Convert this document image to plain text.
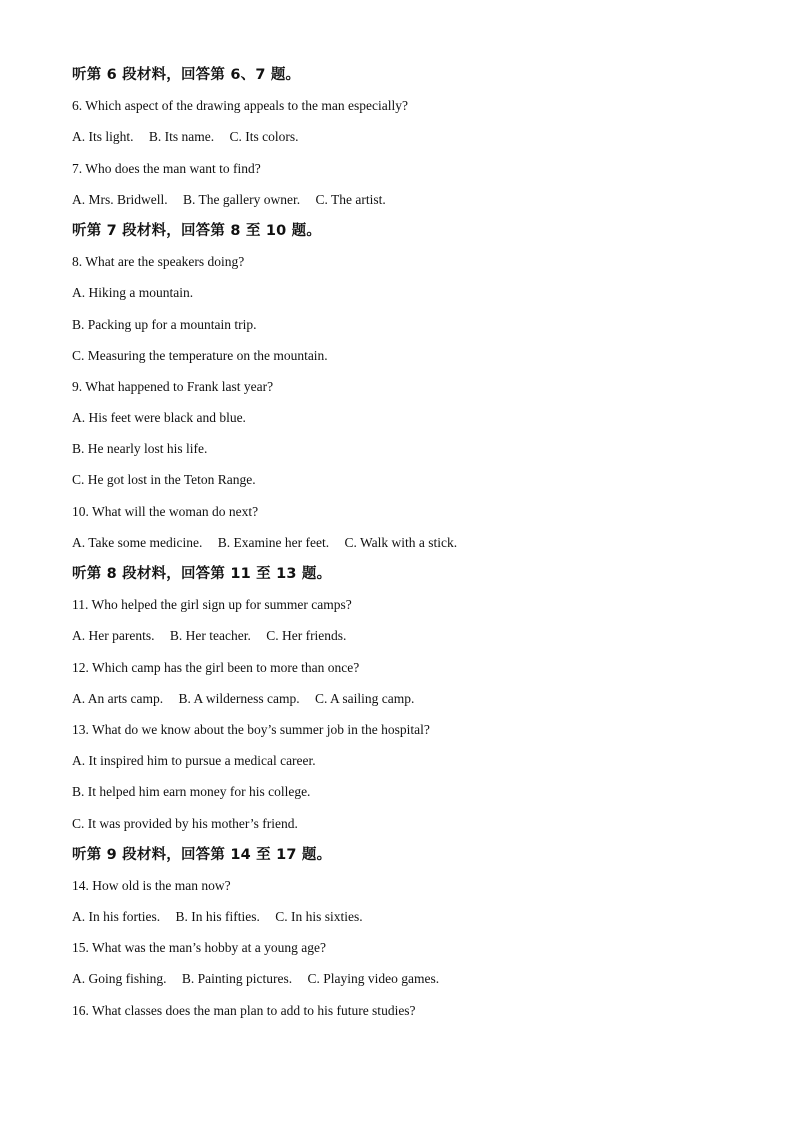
听第 6 段材料，回答第 6、7 题。
6. Which aspect of the drawing appeals to the man especially?
A. Its light. B. Its name. C. Its colors.
7. Who does the man want to find?
A. Mrs. Bridwell. B. The gallery owner. C. The artist.
听第 7 段材料，回答第 8 至 10 题。
8. What are the speakers doing?
A. Hiking a mountain.
B. Packing up for a mountain trip.
C. Measuring the temperature on the mountain.
9. What happened to Frank last year?
A. His feet were black and blue.
B. He nearly lost his life.
C. He got lost in the Teton Range.
10. What will the woman do next?
A. Take some medicine. B. Examine her feet. C. Walk with a stick.
听第 8 段材料，回答第 11 至 13 题。
11. Who helped the girl sign up for summer camps?
A. Her parents. B. Her teacher. C. Her friends.
12. Which camp has the girl been to more than once?
A. An arts camp. B. A wilderness camp. C. A sailing camp.
13. What do we know about the boy’s summer job in the hospital?
A. It inspired him to pursue a medical career.
B. It helped him earn money for his college.
C. It was provided by his mother’s friend.
听第 9 段材料，回答第 14 至 17 题。
14. How old is the man now?
A. In his forties. B. In his fifties. C. In his sixties.
15. What was the man’s hobby at a young age?
A. Going fishing. B. Painting pictures. C. Playing video games.
16. What classes does the man plan to add to his future studies?
